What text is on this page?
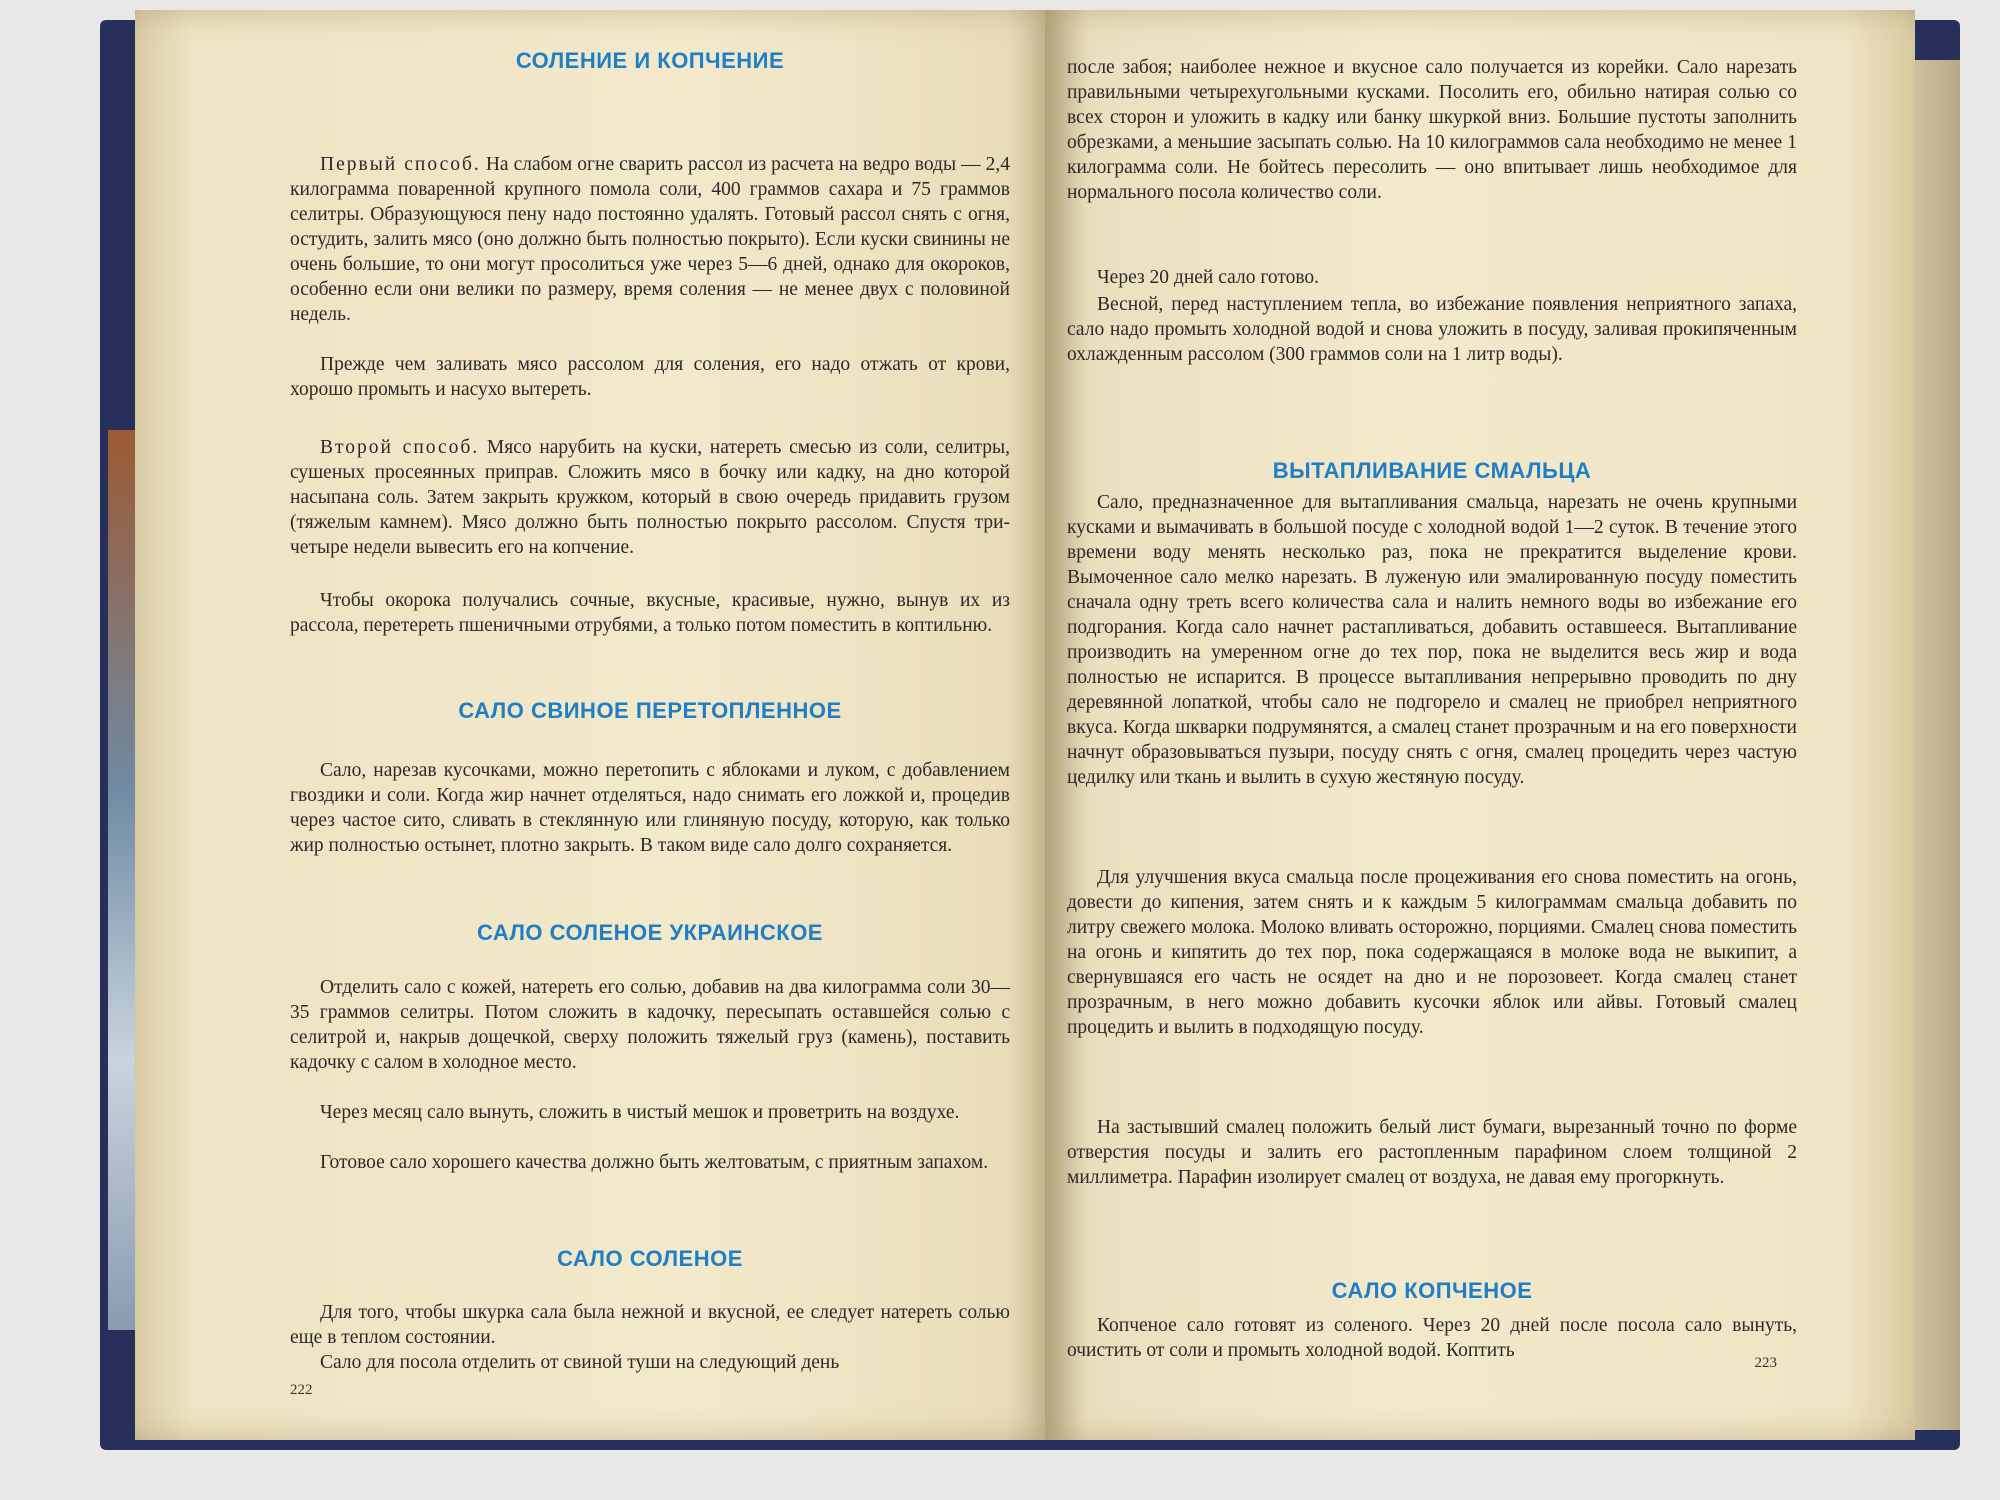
СОЛЕНИЕ И КОПЧЕНИЕ

Первый способ. На слабом огне сварить рассол из расчета на ведро воды — 2,4 килограмма поваренной крупного помола соли, 400 граммов сахара и 75 граммов селитры. Образующуюся пену надо постоянно удалять. Готовый рассол снять с огня, остудить, залить мясо (оно должно быть полностью покрыто). Если куски свинины не очень большие, то они могут просолиться уже через 5—6 дней, однако для окороков, особенно если они велики по размеру, время соления — не менее двух с половиной недель.

Прежде чем заливать мясо рассолом для соления, его надо отжать от крови, хорошо промыть и насухо вытереть.

Второй способ. Мясо нарубить на куски, натереть смесью из соли, селитры, сушеных просеянных приправ. Сложить мясо в бочку или кадку, на дно которой насыпана соль. Затем закрыть кружком, который в свою очередь придавить грузом (тяжелым камнем). Мясо должно быть полностью покрыто рассолом. Спустя три-четыре недели вывесить его на копчение.

Чтобы окорока получались сочные, вкусные, красивые, нужно, вынув их из рассола, перетереть пшеничными отрубями, а только потом поместить в коптильню.

САЛО СВИНОЕ ПЕРЕТОПЛЕННОЕ

Сало, нарезав кусочками, можно перетопить с яблоками и луком, с добавлением гвоздики и соли. Когда жир начнет отделяться, надо снимать его ложкой и, процедив через частое сито, сливать в стеклянную или глиняную посуду, которую, как только жир полностью остынет, плотно закрыть. В таком виде сало долго сохраняется.

САЛО СОЛЕНОЕ УКРАИНСКОЕ

Отделить сало с кожей, натереть его солью, добавив на два килограмма соли 30—35 граммов селитры. Потом сложить в кадочку, пересыпать оставшейся солью с селитрой и, накрыв дощечкой, сверху положить тяжелый груз (камень), поставить кадочку с салом в холодное место.

Через месяц сало вынуть, сложить в чистый мешок и проветрить на воздухе.

Готовое сало хорошего качества должно быть желтоватым, с приятным запахом.

САЛО СОЛЕНОЕ

Для того, чтобы шкурка сала была нежной и вкусной, ее следует натереть солью еще в теплом состоянии.

Сало для посола отделить от свиной туши на следующий день

222

после забоя; наиболее нежное и вкусное сало получается из корейки. Сало нарезать правильными четырехугольными кусками. Посолить его, обильно натирая солью со всех сторон и уложить в кадку или банку шкуркой вниз. Большие пустоты заполнить обрезками, а меньшие засыпать солью. На 10 килограммов сала необходимо не менее 1 килограмма соли. Не бойтесь пересолить — оно впитывает лишь необходимое для нормального посола количество соли.

Через 20 дней сало готово.

Весной, перед наступлением тепла, во избежание появления неприятного запаха, сало надо промыть холодной водой и снова уложить в посуду, заливая прокипяченным охлажденным рассолом (300 граммов соли на 1 литр воды).

ВЫТАПЛИВАНИЕ СМАЛЬЦА

Сало, предназначенное для вытапливания смальца, нарезать не очень крупными кусками и вымачивать в большой посуде с холодной водой 1—2 суток. В течение этого времени воду менять несколько раз, пока не прекратится выделение крови. Вымоченное сало мелко нарезать. В луженую или эмалированную посуду поместить сначала одну треть всего количества сала и налить немного воды во избежание его подгорания. Когда сало начнет растапливаться, добавить оставшееся. Вытапливание производить на умеренном огне до тех пор, пока не выделится весь жир и вода полностью не испарится. В процессе вытапливания непрерывно проводить по дну деревянной лопаткой, чтобы сало не подгорело и смалец не приобрел неприятного вкуса. Когда шкварки подрумянятся, а смалец станет прозрачным и на его поверхности начнут образовываться пузыри, посуду снять с огня, смалец процедить через частую цедилку или ткань и вылить в сухую жестяную посуду.

Для улучшения вкуса смальца после процеживания его снова поместить на огонь, довести до кипения, затем снять и к каждым 5 килограммам смальца добавить по литру свежего молока. Молоко вливать осторожно, порциями. Смалец снова поместить на огонь и кипятить до тех пор, пока содержащаяся в молоке вода не выкипит, а свернувшаяся его часть не осядет на дно и не порозовеет. Когда смалец станет прозрачным, в него можно добавить кусочки яблок или айвы. Готовый смалец процедить и вылить в подходящую посуду.

На застывший смалец положить белый лист бумаги, вырезанный точно по форме отверстия посуды и залить его растопленным парафином слоем толщиной 2 миллиметра. Парафин изолирует смалец от воздуха, не давая ему прогоркнуть.

САЛО КОПЧЕНОЕ

Копченое сало готовят из соленого. Через 20 дней после посола сало вынуть, очистить от соли и промыть холодной водой. Коптить

223
